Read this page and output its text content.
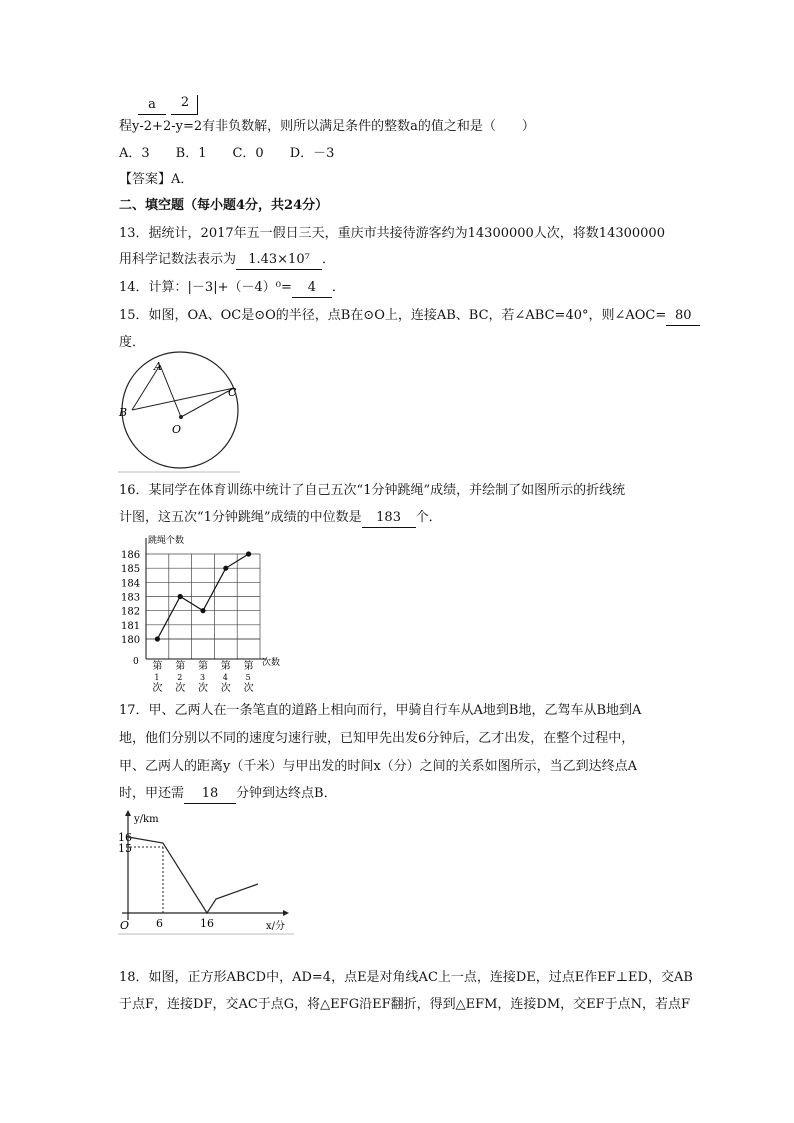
a	2
程y-2+2-y=2有非负数解，则所以满足条件的整数a的值之和是（　　）
A．3　　B．1　　C．0　　D．－3
【答案】A．
二、填空题（每小题4分，共24分）
13．据统计，2017年五一假日三天，重庆市共接待游客约为14300000人次，将数14300000
用科学记数法表示为 1.43×10⁷ ．
14．计算：|－3|+（－4）⁰= 4 ．
15．如图，OA、OC是⊙O的半径，点B在⊙O上，连接AB、BC，若∠ABC=40°，则∠AOC= 80
度．
A
B
C
O
16．某同学在体育训练中统计了自己五次“1分钟跳绳”成绩，并绘制了如图所示的折线统
计图，这五次“1分钟跳绳”成绩的中位数是 183 个．
跳绳个数
次数
0
180
181
182
183
184
185
186
第
1
次
第
2
次
第
3
次
第
4
次
第
5
次
17．甲、乙两人在一条笔直的道路上相向而行，甲骑自行车从A地到B地，乙驾车从B地到A
地，他们分别以不同的速度匀速行驶，已知甲先出发6分钟后，乙才出发，在整个过程中，
甲、乙两人的距离y（千米）与甲出发的时间x（分）之间的关系如图所示，当乙到达终点A
时，甲还需 18 分钟到达终点B．
y/km
x/分
O 6	16
16
15
18．如图，正方形ABCD中，AD=4，点E是对角线AC上一点，连接DE，过点E作EF⊥ED，交AB
于点F，连接DF，交AC于点G，将△EFG沿EF翻折，得到△EFM，连接DM，交EF于点N，若点F
